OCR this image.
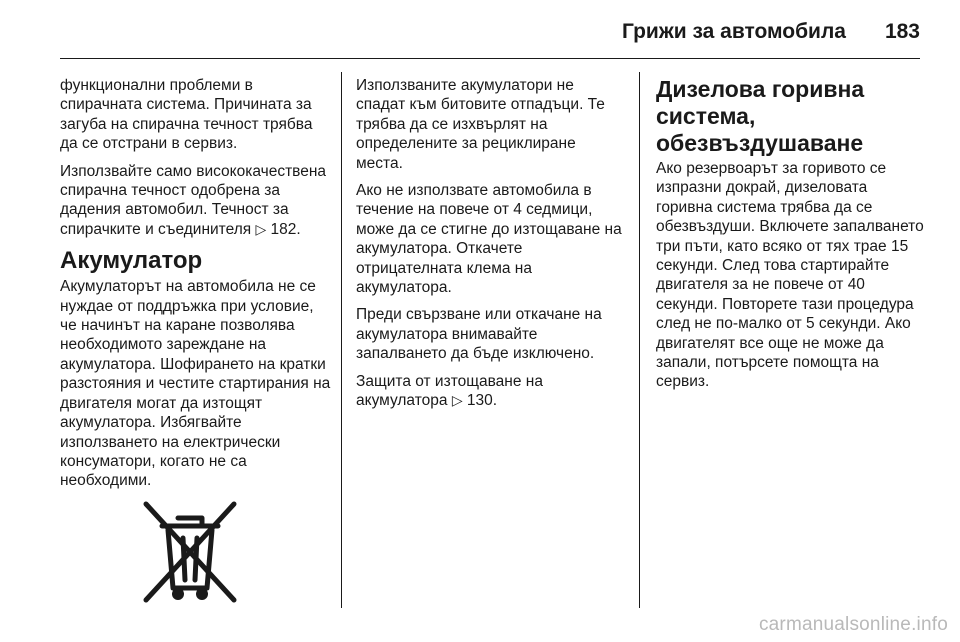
Грижи за автомобила 183

функционални проблеми в спирачната система. Причината за загуба на спирачна течност трябва да се отстрани в сервиз.

Използвайте само висококачествена спирачна течност одобрена за дадения автомобил. Течност за спирачките и съединителя ▷ 182.

Акумулатор

Акумулаторът на автомобила не се нуждае от поддръжка при условие, че начинът на каране позволява необходимото зареждане на акумулатора. Шофирането на кратки разстояния и честите стартирания на двигателя могат да изтощят акумулатора. Избягвайте използването на електрически консуматори, когато не са необходими.

Използваните акумулатори не спадат към битовите отпадъци. Те трябва да се изхвърлят на определените за рециклиране места.

Ако не използвате автомобила в течение на повече от 4 седмици, може да се стигне до изтощаване на акумулатора. Откачете отрицателната клема на акумулатора.

Преди свързване или откачане на акумулатора внимавайте запалването да бъде изключено.

Защита от изтощаване на акумулатора ▷ 130.

Дизелова горивна система, обезвъздушаване

Ако резервоарът за горивото се изпразни докрай, дизеловата горивна система трябва да се обезвъздуши. Включете запалването три пъти, като всяко от тях трае 15 секунди. След това стартирайте двигателя за не повече от 40 секунди. Повторете тази процедура след не по-малко от 5 секунди. Ако двигателят все още не може да запали, потърсете помощта на сервиз.

carmanualsonline.info
